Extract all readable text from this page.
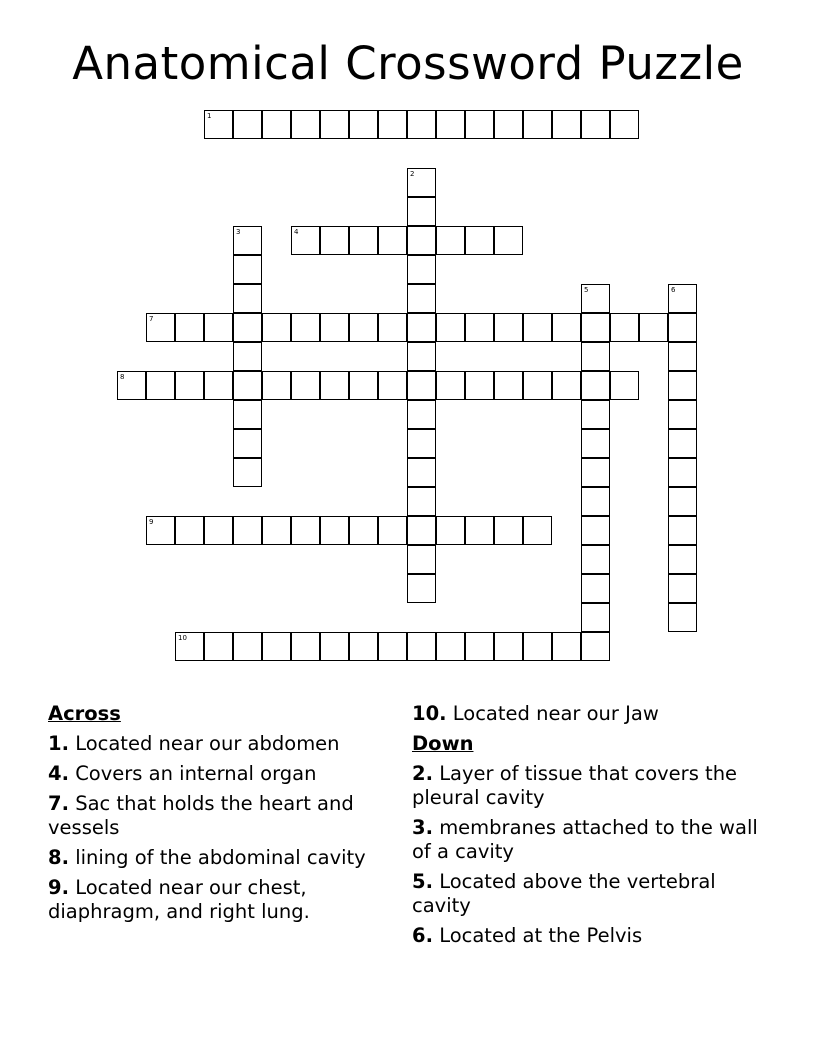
Anatomical Crossword Puzzle
1
2
3	4
5	6
7
8
9
10
Across
1. Located near our abdomen
4. Covers an internal organ
7. Sac that holds the heart and vessels
8. lining of the abdominal cavity
9. Located near our chest, diaphragm, and right lung.
10. Located near our Jaw
Down
2. Layer of tissue that covers the pleural cavity
3. membranes attached to the wall of a cavity
5. Located above the vertebral cavity
6. Located at the Pelvis
